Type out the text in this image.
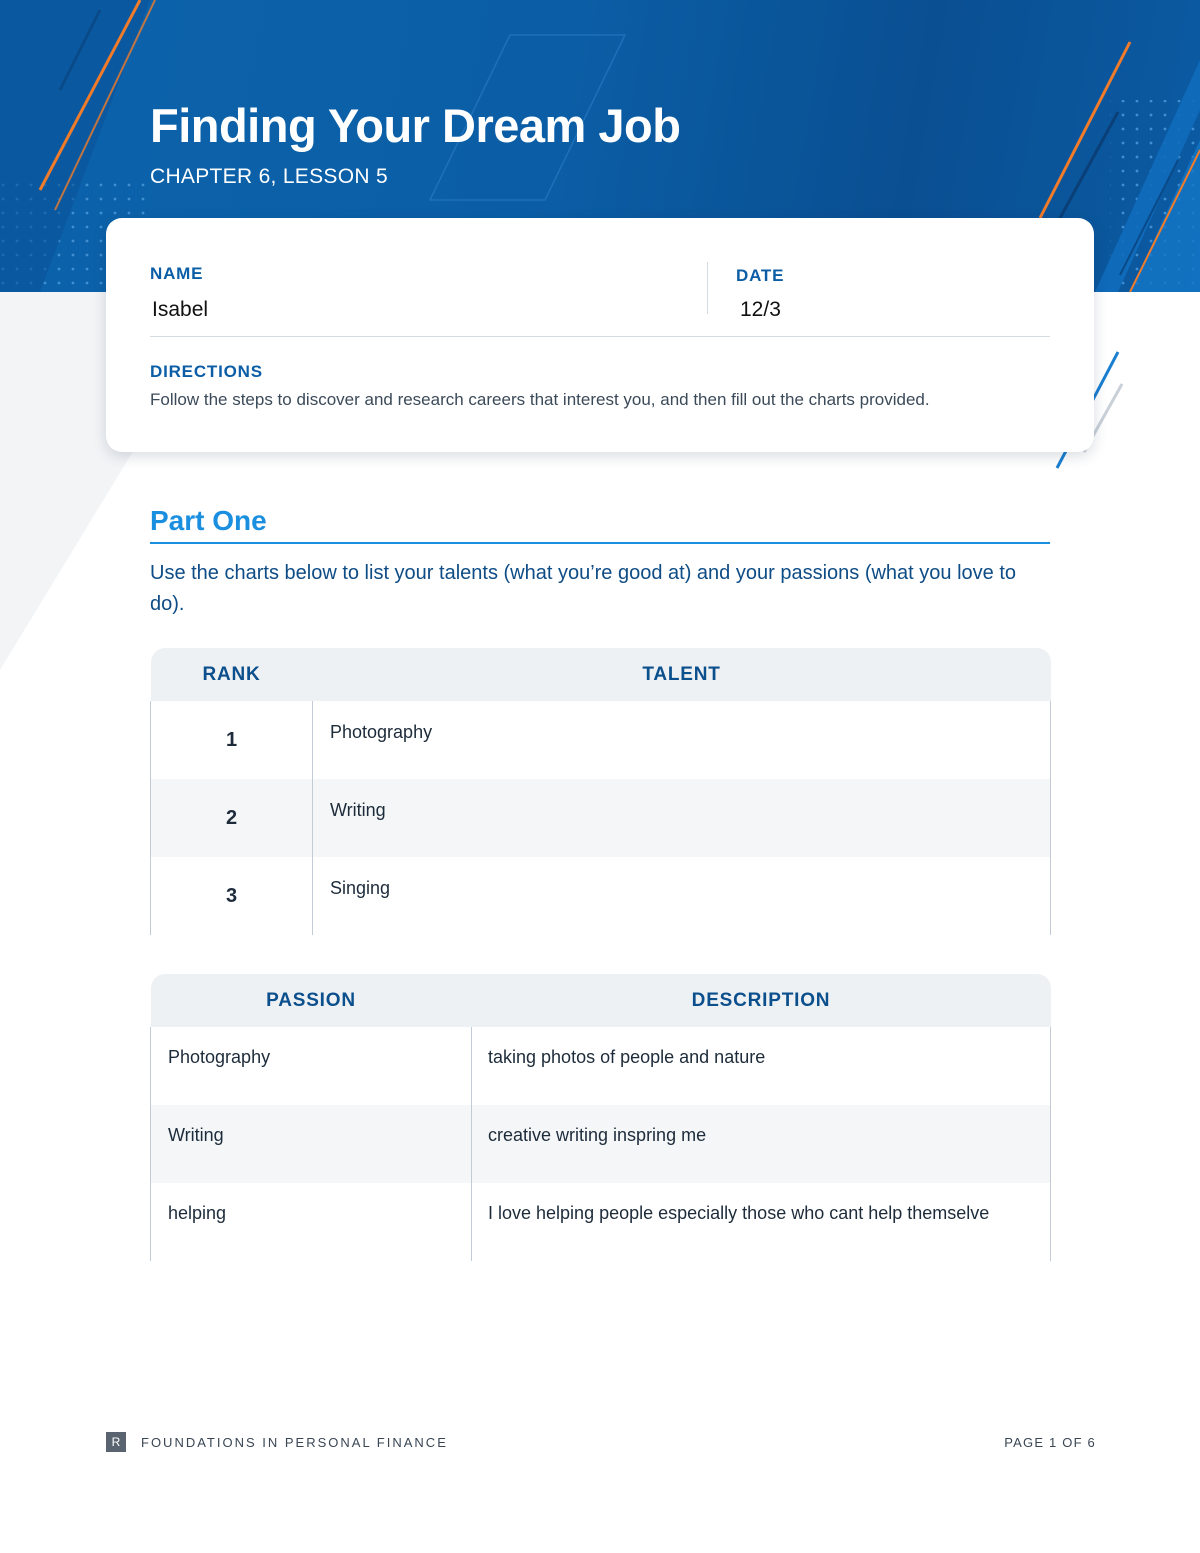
Finding Your Dream Job
CHAPTER 6, LESSON 5
NAME
Isabel
DATE
12/3
DIRECTIONS
Follow the steps to discover and research careers that interest you, and then fill out the charts provided.
Part One
Use the charts below to list your talents (what you’re good at) and your passions (what you love to do).
RANK	TALENT
1	Photography
2	Writing
3	Singing
PASSION	DESCRIPTION
Photography	taking photos of people and nature
Writing	creative writing inspring me
helping	I love helping people especially those who cant help themselve
R	FOUNDATIONS IN PERSONAL FINANCE	PAGE 1 OF 6
